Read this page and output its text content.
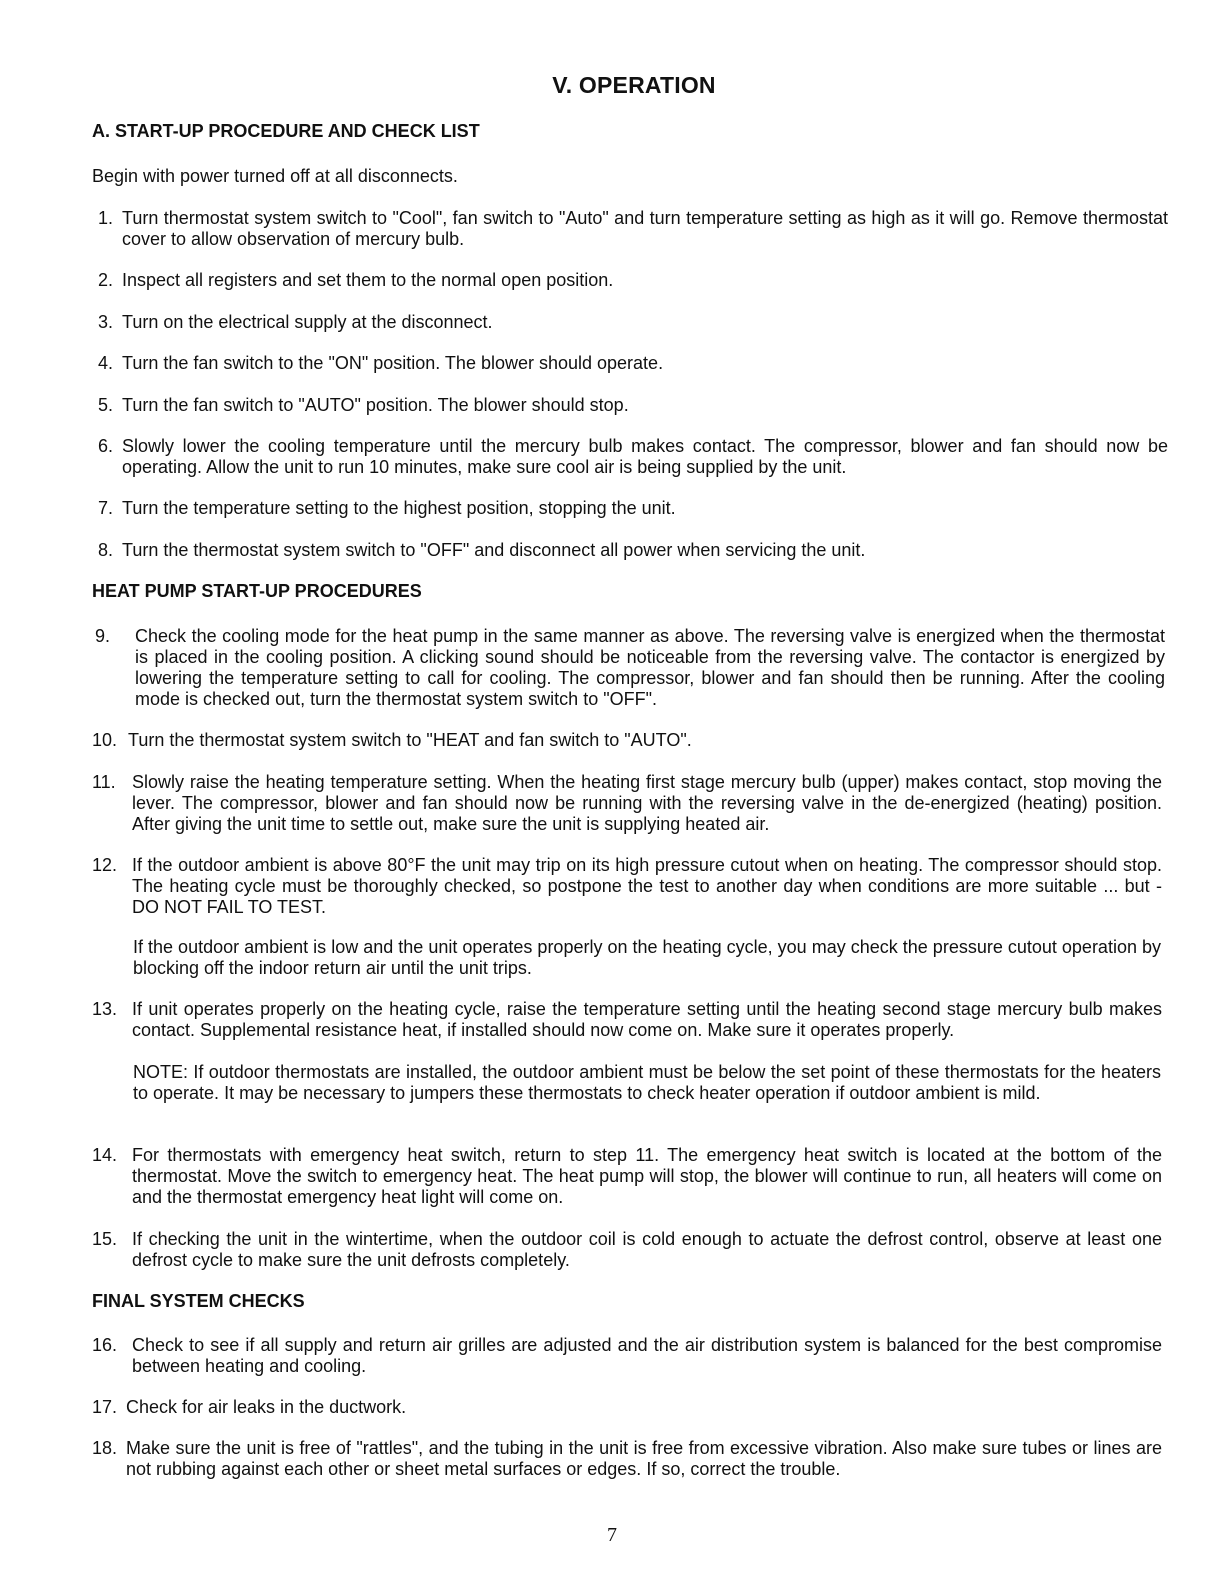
V. OPERATION
A. START-UP PROCEDURE AND CHECK LIST
Begin with power turned off at all disconnects.
1. Turn thermostat system switch to "Cool", fan switch to "Auto" and turn temperature setting as high as it will go. Remove thermostat cover to allow observation of mercury bulb.
2. Inspect all registers and set them to the normal open position.
3. Turn on the electrical supply at the disconnect.
4. Turn the fan switch to the "ON" position. The blower should operate.
5. Turn the fan switch to "AUTO" position. The blower should stop.
6. Slowly lower the cooling temperature until the mercury bulb makes contact. The compressor, blower and fan should now be operating. Allow the unit to run 10 minutes, make sure cool air is being supplied by the unit.
7. Turn the temperature setting to the highest position, stopping the unit.
8. Turn the thermostat system switch to "OFF" and disconnect all power when servicing the unit.
HEAT PUMP START-UP PROCEDURES
9. Check the cooling mode for the heat pump in the same manner as above. The reversing valve is energized when the thermostat is placed in the cooling position. A clicking sound should be noticeable from the reversing valve. The contactor is energized by lowering the temperature setting to call for cooling. The compressor, blower and fan should then be running. After the cooling mode is checked out, turn the thermostat system switch to "OFF".
10. Turn the thermostat system switch to "HEAT and fan switch to "AUTO".
11. Slowly raise the heating temperature setting. When the heating first stage mercury bulb (upper) makes contact, stop moving the lever. The compressor, blower and fan should now be running with the reversing valve in the de-energized (heating) position. After giving the unit time to settle out, make sure the unit is supplying heated air.
12. If the outdoor ambient is above 80°F the unit may trip on its high pressure cutout when on heating. The compressor should stop. The heating cycle must be thoroughly checked, so postpone the test to another day when conditions are more suitable ... but - DO NOT FAIL TO TEST.
If the outdoor ambient is low and the unit operates properly on the heating cycle, you may check the pressure cutout operation by blocking off the indoor return air until the unit trips.
13. If unit operates properly on the heating cycle, raise the temperature setting until the heating second stage mercury bulb makes contact. Supplemental resistance heat, if installed should now come on. Make sure it operates properly.
NOTE: If outdoor thermostats are installed, the outdoor ambient must be below the set point of these thermostats for the heaters to operate. It may be necessary to jumpers these thermostats to check heater operation if outdoor ambient is mild.
14. For thermostats with emergency heat switch, return to step 11. The emergency heat switch is located at the bottom of the thermostat. Move the switch to emergency heat. The heat pump will stop, the blower will continue to run, all heaters will come on and the thermostat emergency heat light will come on.
15. If checking the unit in the wintertime, when the outdoor coil is cold enough to actuate the defrost control, observe at least one defrost cycle to make sure the unit defrosts completely.
FINAL SYSTEM CHECKS
16. Check to see if all supply and return air grilles are adjusted and the air distribution system is balanced for the best compromise between heating and cooling.
17. Check for air leaks in the ductwork.
18. Make sure the unit is free of "rattles", and the tubing in the unit is free from excessive vibration. Also make sure tubes or lines are not rubbing against each other or sheet metal surfaces or edges. If so, correct the trouble.
7
